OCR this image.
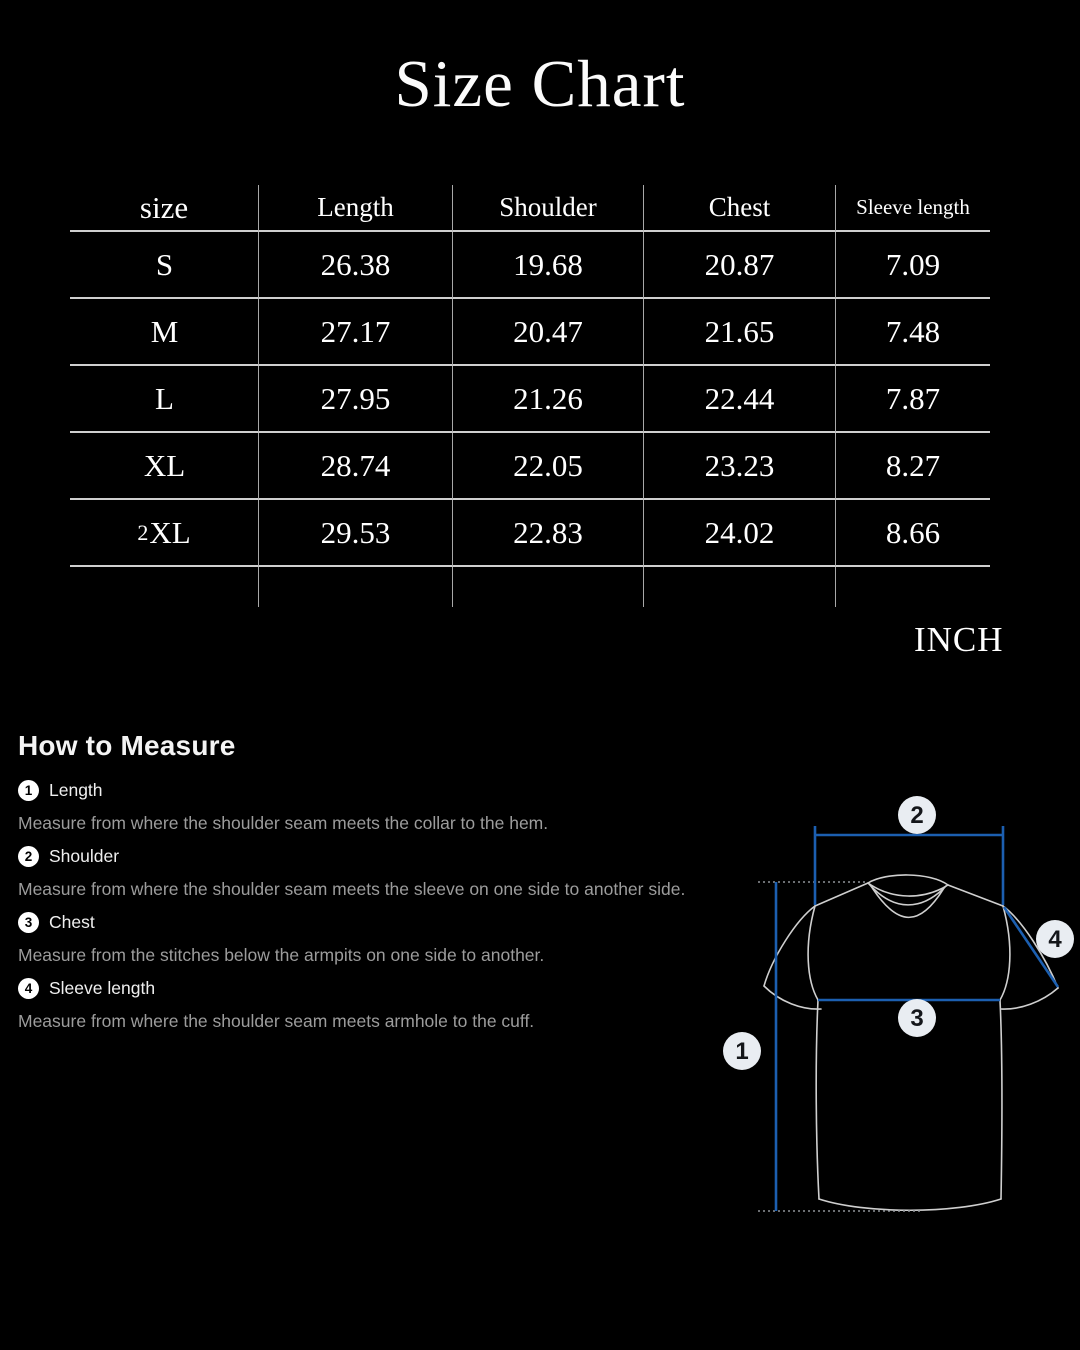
Size Chart
size	Length	Shoulder	Chest	Sleeve length
S	26.38	19.68	20.87	7.09
M	27.17	20.47	21.65	7.48
L	27.95	21.26	22.44	7.87
XL	28.74	22.05	23.23	8.27
2 XL	29.53	22.83	24.02	8.66
INCH
How to Measure
1 Length
Measure from where the shoulder seam meets the collar to the hem.
2 Shoulder
Measure from where the shoulder seam meets the sleeve on one side to another side.
3 Chest
Measure from the stitches below the armpits on one side to another.
4 Sleeve length
Measure from where the shoulder seam meets armhole to the cuff.
1
2
3
4
